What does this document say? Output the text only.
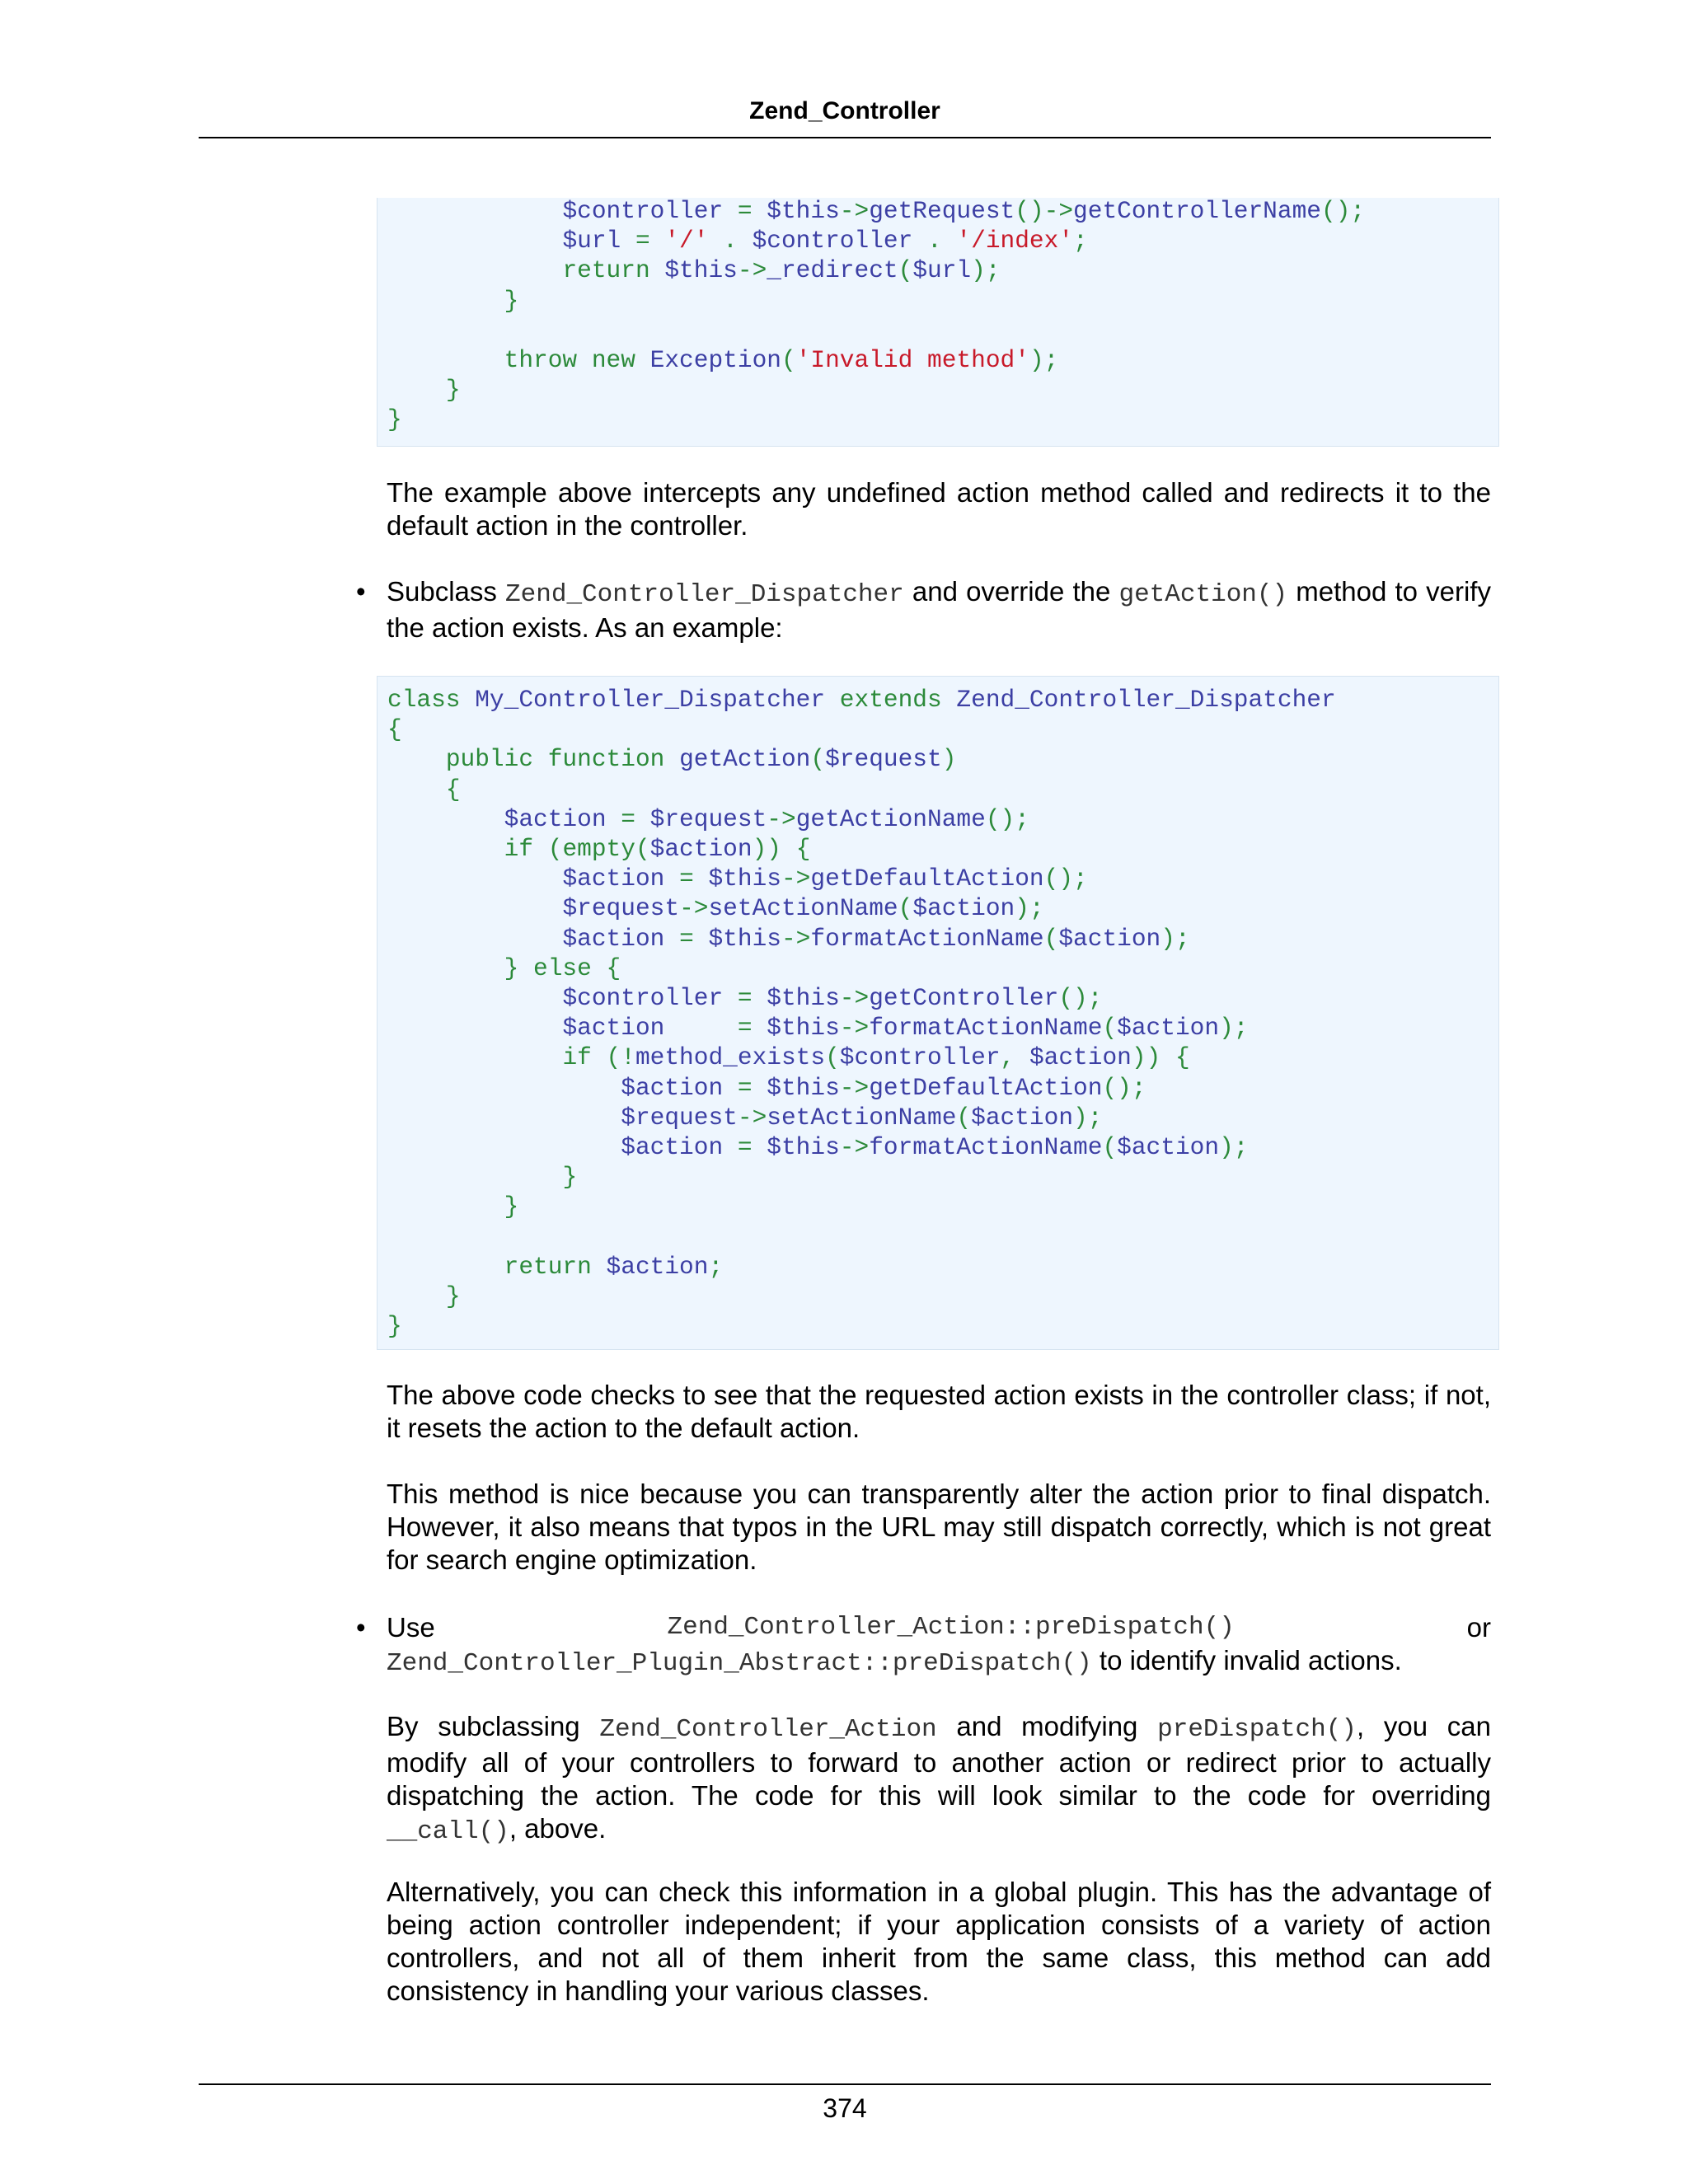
Zend_Controller
$controller = $this->getRequest()->getControllerName();
$url = '/' . $controller . '/index';
return $this->_redirect($url);
}

throw new Exception('Invalid method');
}
}

The example above intercepts any undefined action method called and redirects it to the default action in the controller.

• Subclass Zend_Controller_Dispatcher and override the getAction() method to verify the action exists. As an example:

class My_Controller_Dispatcher extends Zend_Controller_Dispatcher
{
public function getAction($request)
{
$action = $request->getActionName();
if (empty($action)) {
$action = $this->getDefaultAction();
$request->setActionName($action);
$action = $this->formatActionName($action);
} else {
$controller = $this->getController();
$action	= $this->formatActionName($action);
if (!method_exists($controller, $action)) {
$action = $this->getDefaultAction();
$request->setActionName($action);
$action = $this->formatActionName($action);
}
}

return $action;
}
}

The above code checks to see that the requested action exists in the controller class; if not, it resets the action to the default action.

This method is nice because you can transparently alter the action prior to final dispatch. However, it also means that typos in the URL may still dispatch correctly, which is not great for search engine optimization.

• Use	Zend_Controller_Action::preDispatch()	or
Zend_Controller_Plugin_Abstract::preDispatch() to identify invalid actions.

By subclassing Zend_Controller_Action and modifying preDispatch(), you can modify all of your controllers to forward to another action or redirect prior to actually dispatching the action. The code for this will look similar to the code for overriding __call(), above.

Alternatively, you can check this information in a global plugin. This has the advantage of being action controller independent; if your application consists of a variety of action controllers, and not all of them inherit from the same class, this method can add consistency in handling your various classes.

374
